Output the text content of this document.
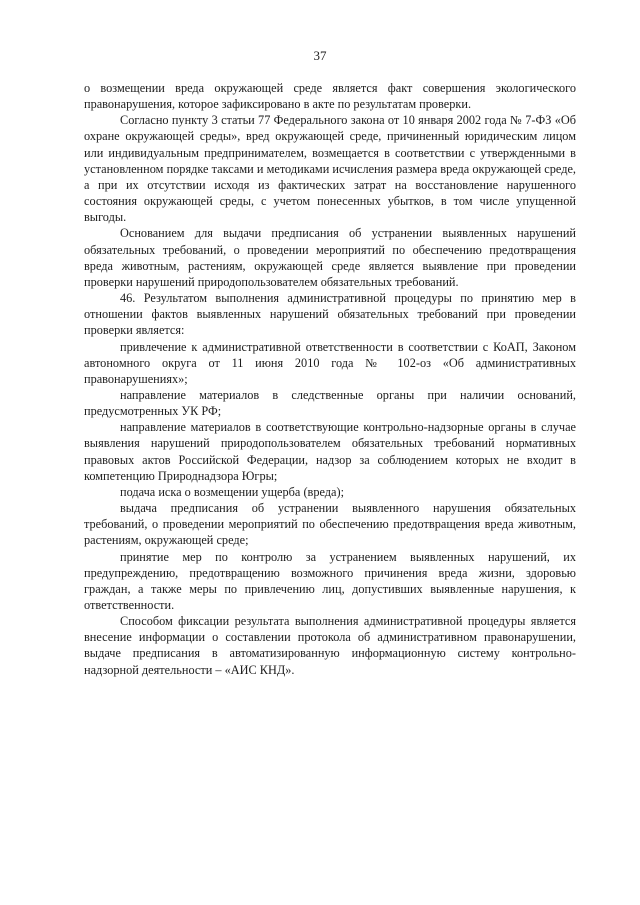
37

о возмещении вреда окружающей среде является факт совершения экологического правонарушения, которое зафиксировано в акте по результатам проверки.

Согласно пункту 3 статьи 77 Федерального закона от 10 января 2002 года № 7-ФЗ «Об охране окружающей среды», вред окружающей среде, причиненный юридическим лицом или индивидуальным предпринимателем, возмещается в соответствии с утвержденными в установленном порядке таксами и методиками исчисления размера вреда окружающей среде, а при их отсутствии исходя из фактических затрат на восстановление нарушенного состояния окружающей среды, с учетом понесенных убытков, в том числе упущенной выгоды.

Основанием для выдачи предписания об устранении выявленных нарушений обязательных требований, о проведении мероприятий по обеспечению предотвращения вреда животным, растениям, окружающей среде является выявление при проведении проверки нарушений природопользователем обязательных требований.

46. Результатом выполнения административной процедуры по принятию мер в отношении фактов выявленных нарушений обязательных требований при проведении проверки является:

привлечение к административной ответственности в соответствии с КоАП, Законом автономного округа от 11 июня 2010 года № 102-оз «Об административных правонарушениях»;

направление материалов в следственные органы при наличии оснований, предусмотренных УК РФ;

направление материалов в соответствующие контрольно-надзорные органы в случае выявления нарушений природопользователем обязательных требований нормативных правовых актов Российской Федерации, надзор за соблюдением которых не входит в компетенцию Природнадзора Югры;

подача иска о возмещении ущерба (вреда);

выдача предписания об устранении выявленного нарушения обязательных требований, о проведении мероприятий по обеспечению предотвращения вреда животным, растениям, окружающей среде;

принятие мер по контролю за устранением выявленных нарушений, их предупреждению, предотвращению возможного причинения вреда жизни, здоровью граждан, а также меры по привлечению лиц, допустивших выявленные нарушения, к ответственности.

Способом фиксации результата выполнения административной процедуры является внесение информации о составлении протокола об административном правонарушении, выдаче предписания в автоматизированную информационную систему контрольно-надзорной деятельности – «АИС КНД».
